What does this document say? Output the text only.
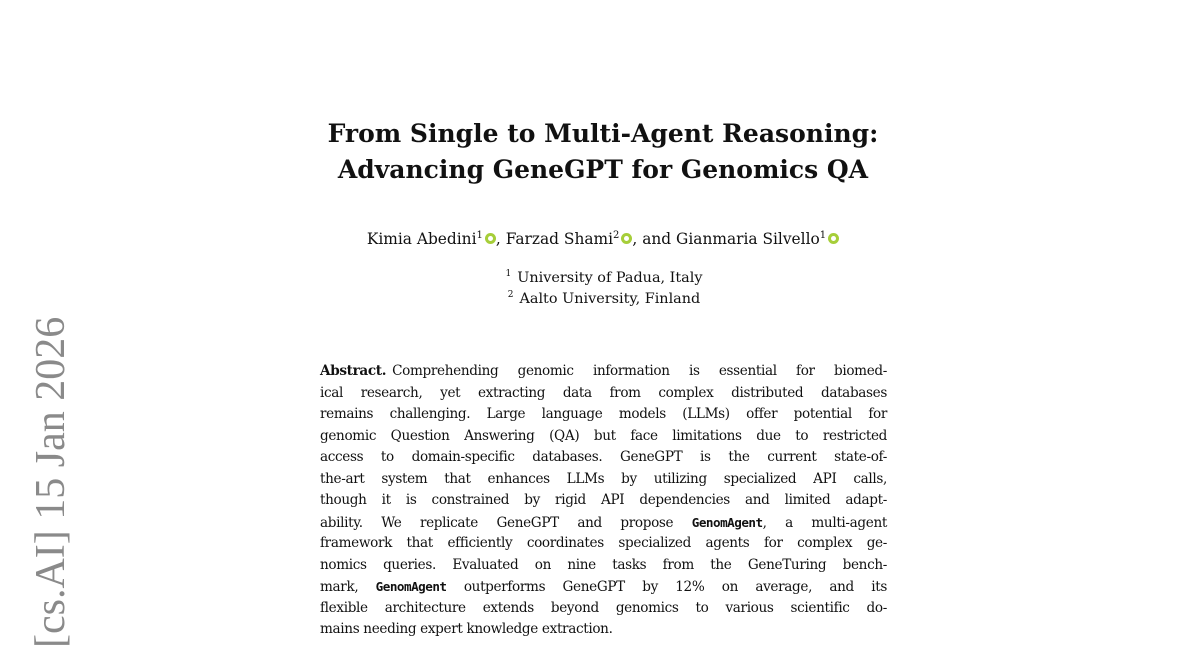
[cs.AI] 15 Jan 2026
From Single to Multi-Agent Reasoning:
Advancing GeneGPT for Genomics QA
Kimia Abedini$^1$ , Farzad Shami$^2$ , and Gianmaria Silvello$^1$
$^1$ University of Padua, Italy
$^2$ Aalto University, Finland
Abstract. Comprehending genomic information is essential for biomed-
ical research, yet extracting data from complex distributed databases
remains challenging. Large language models (LLMs) offer potential for
genomic Question Answering (QA) but face limitations due to restricted
access to domain-specific databases. GeneGPT is the current state-of-
the-art system that enhances LLMs by utilizing specialized API calls,
though it is constrained by rigid API dependencies and limited adapt-
ability. We replicate GeneGPT and propose GenomAgent, a multi-agent
framework that efficiently coordinates specialized agents for complex ge-
nomics queries. Evaluated on nine tasks from the GeneTuring bench-
mark, GenomAgent outperforms GeneGPT by 12% on average, and its
flexible architecture extends beyond genomics to various scientific do-
mains needing expert knowledge extraction.
